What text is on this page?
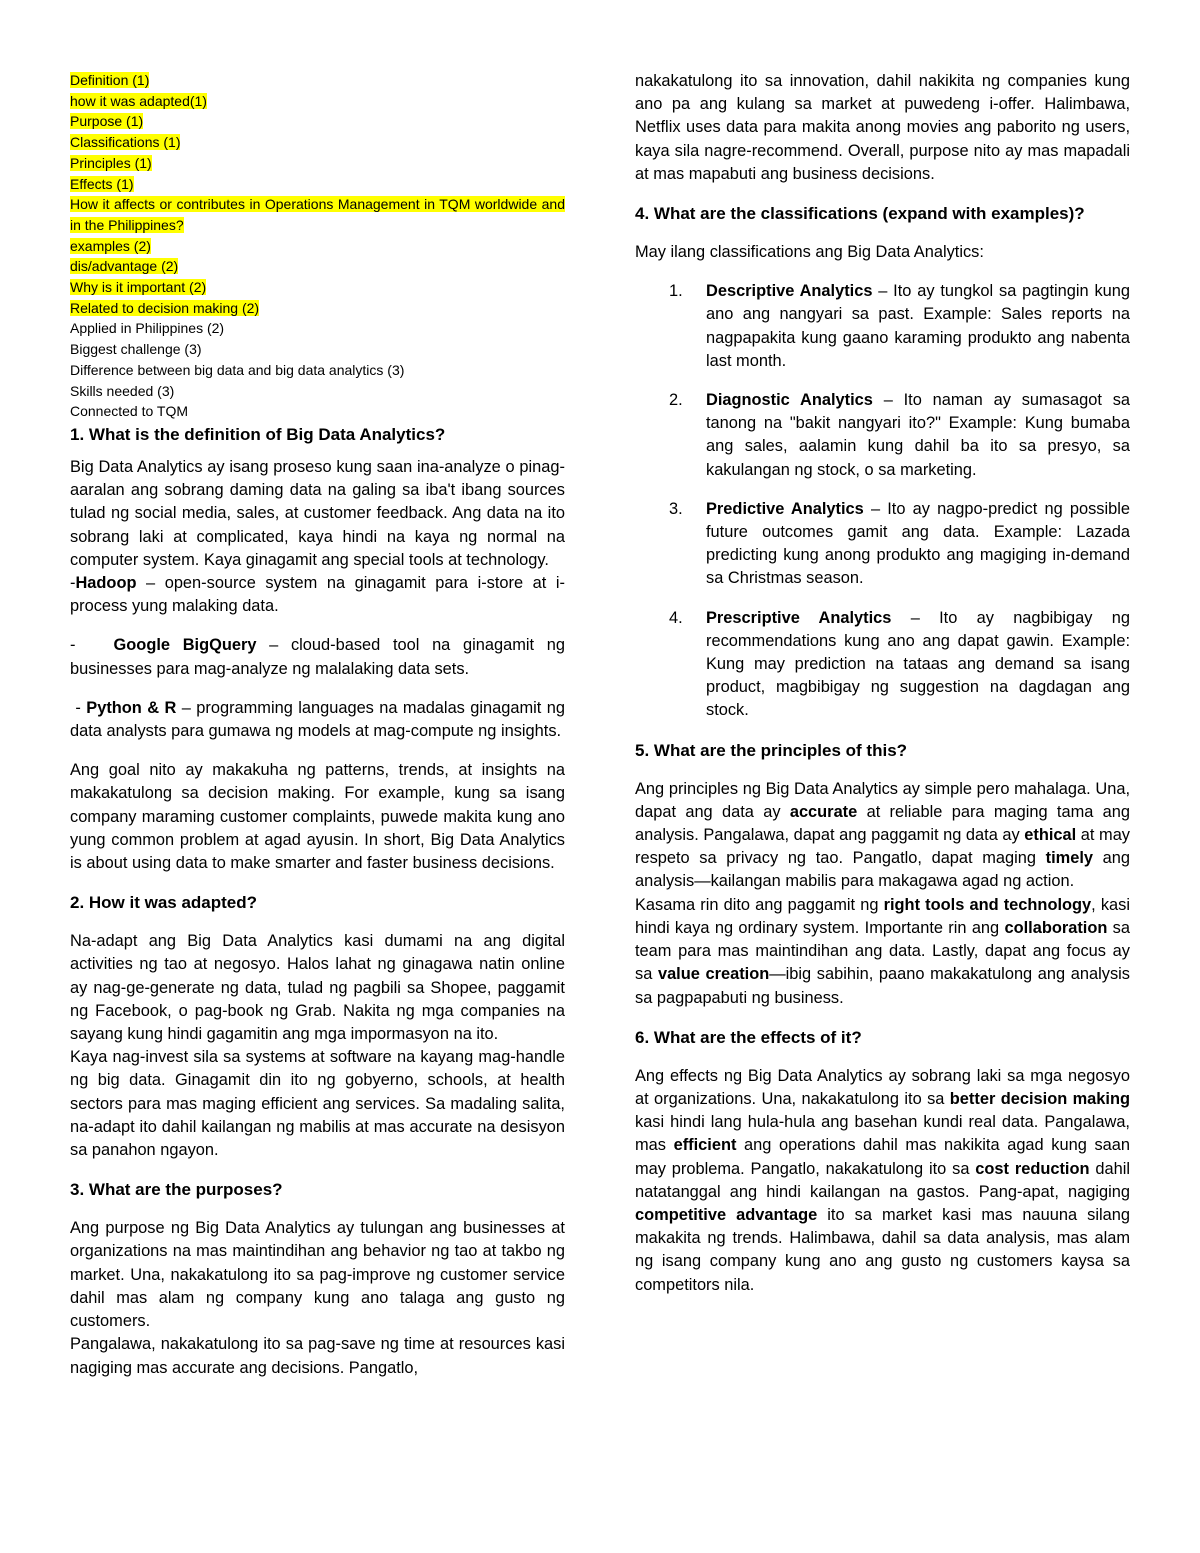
Definition (1)
how it was adapted(1)
Purpose (1)
Classifications (1)
Principles (1)
Effects (1)
How it affects or contributes in Operations Management in TQM worldwide and in the Philippines?
examples (2)
dis/advantage (2)
Why is it important (2)
Related to decision making (2)
Applied in Philippines (2)
Biggest challenge (3)
Difference between big data and big data analytics (3)
Skills needed (3)
Connected to TQM
1. What is the definition of Big Data Analytics?

Big Data Analytics ay isang proseso kung saan ina-analyze o pinag-aaralan ang sobrang daming data na galing sa iba't ibang sources tulad ng social media, sales, at customer feedback. Ang data na ito sobrang laki at complicated, kaya hindi na kaya ng normal na computer system. Kaya ginagamit ang special tools at technology.

-Hadoop – open-source system na ginagamit para i-store at i-process yung malaking data.

-   Google BigQuery – cloud-based tool na ginagamit ng businesses para mag-analyze ng malalaking data sets.

- Python & R – programming languages na madalas ginagamit ng data analysts para gumawa ng models at mag-compute ng insights.

Ang goal nito ay makakuha ng patterns, trends, at insights na makakatulong sa decision making. For example, kung sa isang company maraming customer complaints, puwede makita kung ano yung common problem at agad ayusin. In short, Big Data Analytics is about using data to make smarter and faster business decisions.

2. How it was adapted?

Na-adapt ang Big Data Analytics kasi dumami na ang digital activities ng tao at negosyo. Halos lahat ng ginagawa natin online ay nag-ge-generate ng data, tulad ng pagbili sa Shopee, paggamit ng Facebook, o pag-book ng Grab. Nakita ng mga companies na sayang kung hindi gagamitin ang mga impormasyon na ito.

Kaya nag-invest sila sa systems at software na kayang mag-handle ng big data. Ginagamit din ito ng gobyerno, schools, at health sectors para mas maging efficient ang services. Sa madaling salita, na-adapt ito dahil kailangan ng mabilis at mas accurate na desisyon sa panahon ngayon.

3. What are the purposes?

Ang purpose ng Big Data Analytics ay tulungan ang businesses at organizations na mas maintindihan ang behavior ng tao at takbo ng market. Una, nakakatulong ito sa pag-improve ng customer service dahil mas alam ng company kung ano talaga ang gusto ng customers.

Pangalawa, nakakatulong ito sa pag-save ng time at resources kasi nagiging mas accurate ang decisions. Pangatlo,

nakakatulong ito sa innovation, dahil nakikita ng companies kung ano pa ang kulang sa market at puwedeng i-offer. Halimbawa, Netflix uses data para makita anong movies ang paborito ng users, kaya sila nagre-recommend. Overall, purpose nito ay mas mapadali at mas mapabuti ang business decisions.

4. What are the classifications (expand with examples)?

May ilang classifications ang Big Data Analytics:

1. Descriptive Analytics – Ito ay tungkol sa pagtingin kung ano ang nangyari sa past. Example: Sales reports na nagpapakita kung gaano karaming produkto ang nabenta last month.
2. Diagnostic Analytics – Ito naman ay sumasagot sa tanong na "bakit nangyari ito?" Example: Kung bumaba ang sales, aalamin kung dahil ba ito sa presyo, sa kakulangan ng stock, o sa marketing.
3. Predictive Analytics – Ito ay nagpo-predict ng possible future outcomes gamit ang data. Example: Lazada predicting kung anong produkto ang magiging in-demand sa Christmas season.
4. Prescriptive Analytics – Ito ay nagbibigay ng recommendations kung ano ang dapat gawin. Example: Kung may prediction na tataas ang demand sa isang product, magbibigay ng suggestion na dagdagan ang stock.
5. What are the principles of this?

Ang principles ng Big Data Analytics ay simple pero mahalaga. Una, dapat ang data ay accurate at reliable para maging tama ang analysis. Pangalawa, dapat ang paggamit ng data ay ethical at may respeto sa privacy ng tao. Pangatlo, dapat maging timely ang analysis—kailangan mabilis para makagawa agad ng action.

Kasama rin dito ang paggamit ng right tools and technology, kasi hindi kaya ng ordinary system. Importante rin ang collaboration sa team para mas maintindihan ang data. Lastly, dapat ang focus ay sa value creation—ibig sabihin, paano makakatulong ang analysis sa pagpapabuti ng business.

6. What are the effects of it?

Ang effects ng Big Data Analytics ay sobrang laki sa mga negosyo at organizations. Una, nakakatulong ito sa better decision making kasi hindi lang hula-hula ang basehan kundi real data. Pangalawa, mas efficient ang operations dahil mas nakikita agad kung saan may problema. Pangatlo, nakakatulong ito sa cost reduction dahil natatanggal ang hindi kailangan na gastos. Pang-apat, nagiging competitive advantage ito sa market kasi mas nauuna silang makakita ng trends. Halimbawa, dahil sa data analysis, mas alam ng isang company kung ano ang gusto ng customers kaysa sa competitors nila.
